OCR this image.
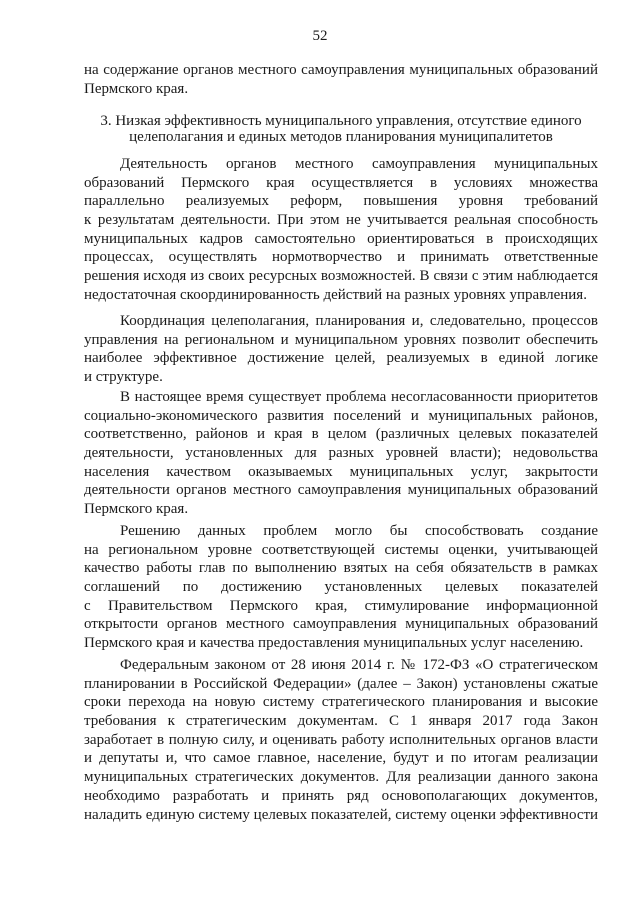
52
на содержание органов местного самоуправления муниципальных образований
Пермского края.
3. Низкая эффективность муниципального управления, отсутствие единого
целеполагания и единых методов планирования муниципалитетов
Деятельность органов местного самоуправления муниципальных
образований Пермского края осуществляется в условиях множества
параллельно реализуемых реформ, повышения уровня требований
к результатам деятельности. При этом не учитывается реальная способность
муниципальных кадров самостоятельно ориентироваться в происходящих
процессах, осуществлять нормотворчество и принимать ответственные
решения исходя из своих ресурсных возможностей. В связи с этим наблюдается
недостаточная скоординированность действий на разных уровнях управления.
Координация целеполагания, планирования и, следовательно, процессов
управления на региональном и муниципальном уровнях позволит обеспечить
наиболее эффективное достижение целей, реализуемых в единой логике
и структуре.
В настоящее время существует проблема несогласованности приоритетов
социально-экономического развития поселений и муниципальных районов,
соответственно, районов и края в целом (различных целевых показателей
деятельности, установленных для разных уровней власти); недовольства
населения качеством оказываемых муниципальных услуг, закрытости
деятельности органов местного самоуправления муниципальных образований
Пермского края.
Решению данных проблем могло бы способствовать создание
на региональном уровне соответствующей системы оценки, учитывающей
качество работы глав по выполнению взятых на себя обязательств в рамках
соглашений по достижению установленных целевых показателей
с Правительством Пермского края, стимулирование информационной
открытости органов местного самоуправления муниципальных образований
Пермского края и качества предоставления муниципальных услуг населению.
Федеральным законом от 28 июня 2014 г. № 172-ФЗ «О стратегическом
планировании в Российской Федерации» (далее – Закон) установлены сжатые
сроки перехода на новую систему стратегического планирования и высокие
требования к стратегическим документам. С 1 января 2017 года Закон
заработает в полную силу, и оценивать работу исполнительных органов власти
и депутаты и, что самое главное, население, будут и по итогам реализации
муниципальных стратегических документов. Для реализации данного закона
необходимо разработать и принять ряд основополагающих документов,
наладить единую систему целевых показателей, систему оценки эффективности
